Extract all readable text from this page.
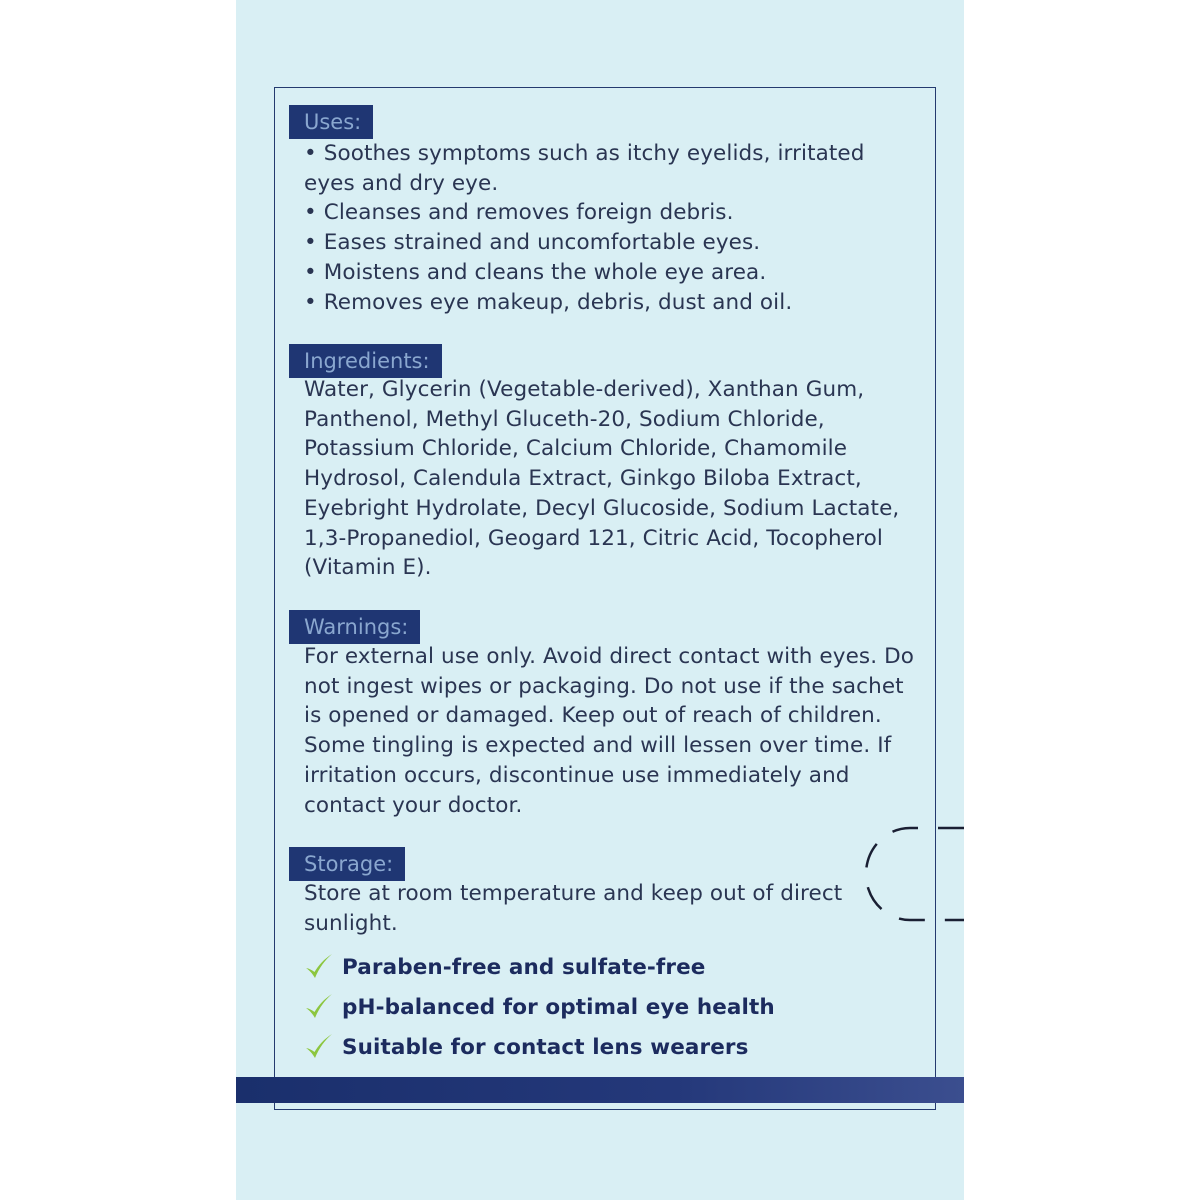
Uses:
• Soothes symptoms such as itchy eyelids, irritated
eyes and dry eye.
• Cleanses and removes foreign debris.
• Eases strained and uncomfortable eyes.
• Moistens and cleans the whole eye area.
• Removes eye makeup, debris, dust and oil.
Ingredients:
Water, Glycerin (Vegetable-derived), Xanthan Gum,
Panthenol, Methyl Gluceth-20, Sodium Chloride,
Potassium Chloride, Calcium Chloride, Chamomile
Hydrosol, Calendula Extract, Ginkgo Biloba Extract,
Eyebright Hydrolate, Decyl Glucoside, Sodium Lactate,
1,3-Propanediol, Geogard 121, Citric Acid, Tocopherol
(Vitamin E).
Warnings:
For external use only. Avoid direct contact with eyes. Do
not ingest wipes or packaging. Do not use if the sachet
is opened or damaged. Keep out of reach of children.
Some tingling is expected and will lessen over time. If
irritation occurs, discontinue use immediately and
contact your doctor.
Storage:
Store at room temperature and keep out of direct
sunlight.
Paraben-free and sulfate-free
pH-balanced for optimal eye health
Suitable for contact lens wearers
